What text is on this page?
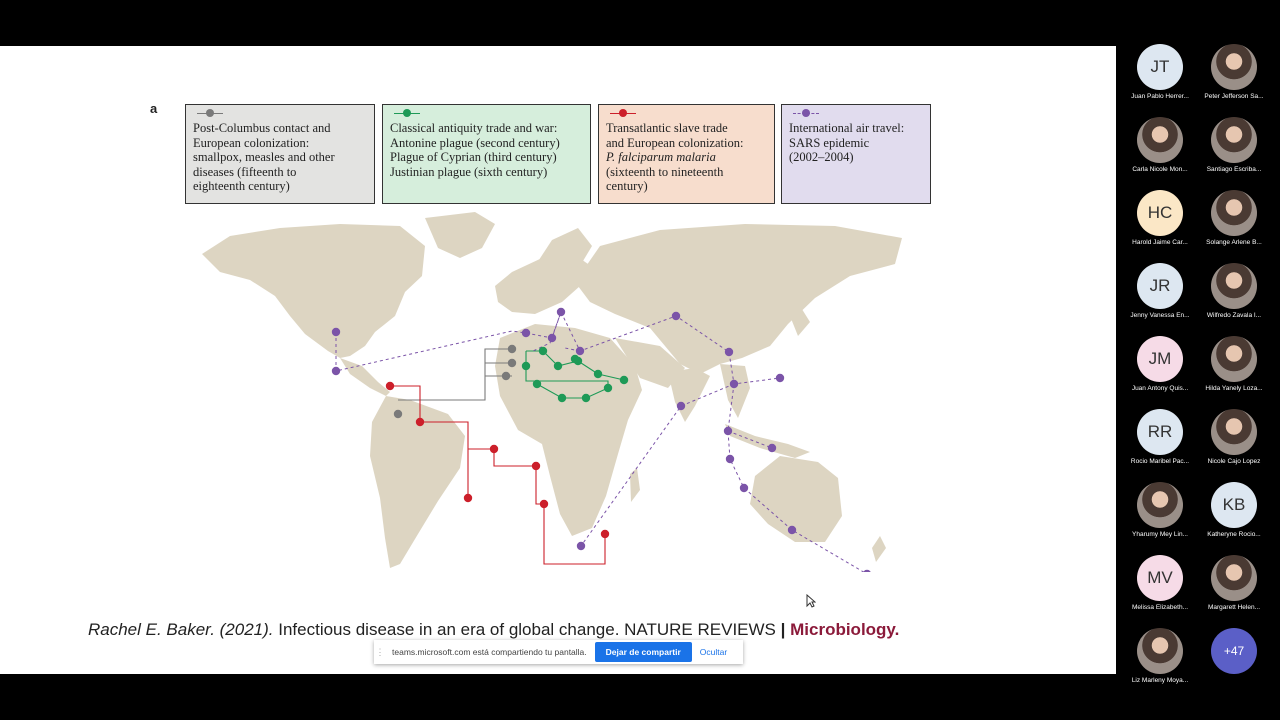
a
Post-Columbus contact and
European colonization:
smallpox, measles and other
diseases (fifteenth to
eighteenth century)
Classical antiquity trade and war:
Antonine plague (second century)
Plague of Cyprian (third century)
Justinian plague (sixth century)
Transatlantic slave trade
and European colonization:
P. falciparum malaria
(sixteenth to nineteenth
century)
International air travel:
SARS epidemic
(2002–2004)
Rachel E. Baker. (2021). Infectious disease in an era of global change. NATURE REVIEWS | Microbiology.
⋮ teams.microsoft.com está compartiendo tu pantalla.	Dejar de compartir	Ocultar
JT
Juan Pablo Herrer...	Peter Jefferson Sa...
Carla Nicole Mon...	Santiago Escriba...
HC
Harold Jaime Car...	Solange Arlene B...
JR
Jenny Vanessa En...	Wilfredo Zavala I...
JM
Juan Antony Quis...	Hilda Yanely Loza...
RR
Rocio Maribel Pac...	Nicole Cajo Lopez
Yharumy Mey Lin...
KB
Katheryne Rocio...
MV
Melissa Elizabeth...	Margarett Helen...
Liz Marleny Moya...
+47
